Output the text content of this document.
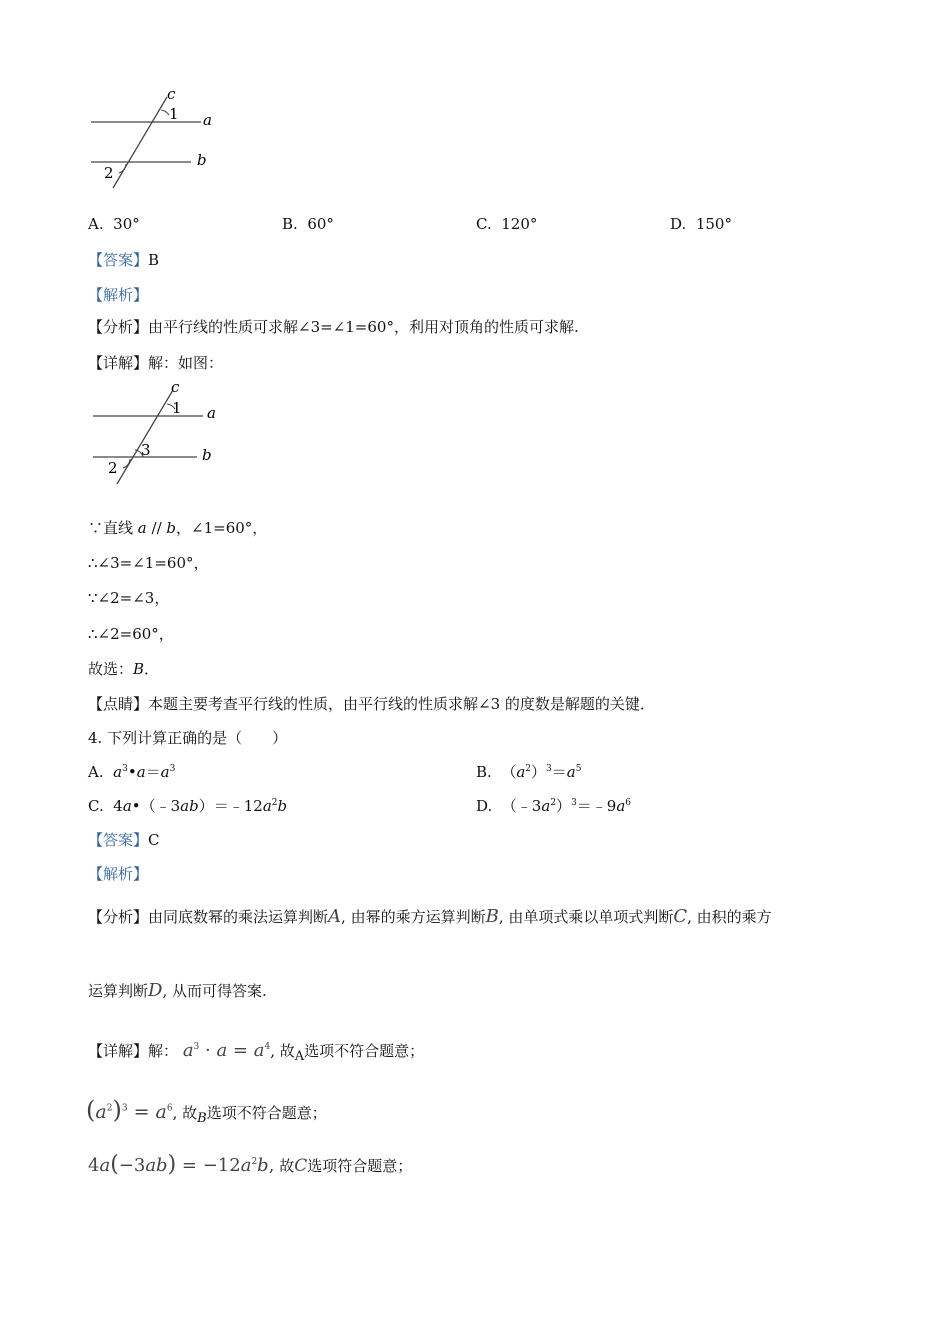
c
1 a
b
2
A. 30°	B. 60°	C. 120°	D. 150°
【答案】B
【解析】
【分析】由平行线的性质可求解∠3=∠1=60°，利用对顶角的性质可求解.
【详解】解：如图：
c
1 a
3	b
2
∵直线 a // b，∠1=60°，
∴∠3=∠1=60°，
∵∠2=∠3，
∴∠2=60°，
故选：B．
【点睛】本题主要考查平行线的性质，由平行线的性质求解∠3 的度数是解题的关键．
4. 下列计算正确的是（　　）
A. $a^3•a=a^3$	B.  $(a^2)^3=a^5$
C.  $4a•(﹣3ab)=﹣12a^2b$	D.  $(﹣3a^2)^3=﹣9a^6$
【答案】C
【解析】
【分析】由同底数幂的乘法运算判断A, 由幂的乘方运算判断B, 由单项式乘以单项式判断C, 由积的乘方
运算判断D, 从而可得答案.
【详解】解： $a^3 \cdot a = a^4$, 故A选项不符合题意；
$(a^2)^3 = a^6$, 故B选项不符合题意；
$4a(-3ab) = -12a^2b$, 故C选项符合题意；
